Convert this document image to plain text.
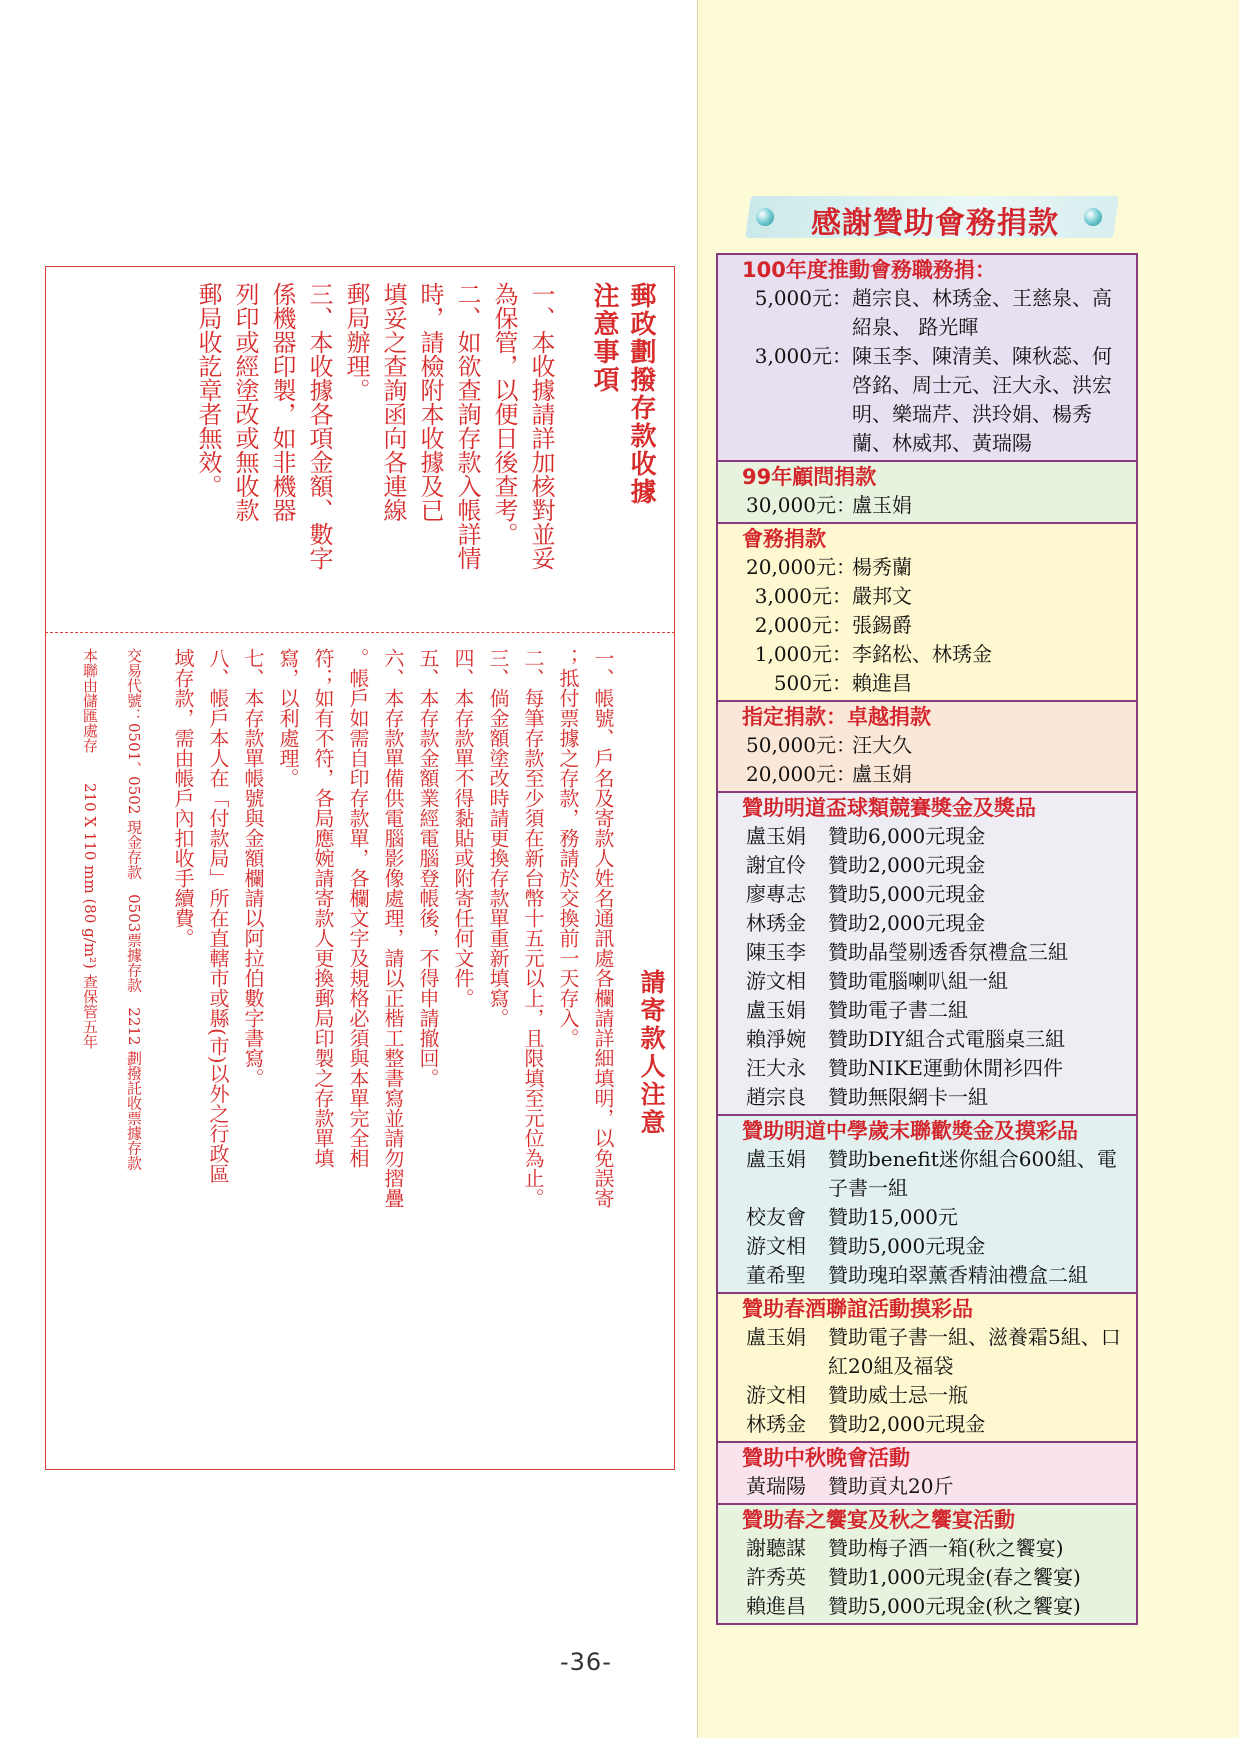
郵政劃撥存款收據
注意事項

一、本收據請詳加核對並妥

為保管，以便日後查考。

二、如欲查詢存款入帳詳情

時，請檢附本收據及已

填妥之查詢函向各連線

郵局辦理。

三、本收據各項金額、數字

係機器印製，如非機器

列印或經塗改或無收款

郵局收訖章者無效。

請寄款人注意

一、帳號、戶名及寄款人姓名通訊處各欄請詳細填明，以免誤寄

；抵付票據之存款，務請於交換前一天存入。

二、每筆存款至少須在新台幣十五元以上，且限填至元位為止。

三、倘金額塗改時請更換存款單重新填寫。

四、本存款單不得黏貼或附寄任何文件。

五、本存款金額業經電腦登帳後，不得申請撤回。

六、本存款單備供電腦影像處理，請以正楷工整書寫並請勿摺疊

。帳戶如需自印存款單，各欄文字及規格必須與本單完全相

符；如有不符，各局應婉請寄款人更換郵局印製之存款單填

寫，以利處理。

七、本存款單帳號與金額欄請以阿拉伯數字書寫。

八、帳戶本人在「付款局」所在直轄市或縣(市)以外之行政區

域存款，需由帳戶內扣收手續費。

交易代號：0501、0502 現金存款　0503票據存款　2212 劃撥託收票據存款

本聯由儲匯處存　　210 X 110 mm (80 g/m²) 查保管五年

-36-
感謝贊助會務捐款
100年度推動會務職務捐：
5,000元： 趙宗良、林琇金、王慈泉、高紹泉、 路光暉
3,000元： 陳玉李、陳清美、陳秋蕊、何啓銘、周士元、汪大永、洪宏明、樂瑞芹、洪玲娟、楊秀蘭、林威邦、黃瑞陽
99年顧問捐款
30,000元：
盧玉娟
會務捐款
20,000元：
楊秀蘭
3,000元： 嚴邦文
2,000元： 張錫爵
1,000元： 李銘松、林琇金
500元： 賴進昌
指定捐款：卓越捐款
50,000元：
汪大久
20,000元：
盧玉娟
贊助明道盃球類競賽獎金及獎品
盧玉娟	贊助6,000元現金
謝宜伶	贊助2,000元現金
廖專志	贊助5,000元現金
林琇金	贊助2,000元現金
陳玉李	贊助晶瑩剔透香氛禮盒三組
游文相	贊助電腦喇叭組一組
盧玉娟	贊助電子書二組
賴淨婉	贊助DIY組合式電腦桌三組
汪大永	贊助NIKE運動休閒衫四件
趙宗良	贊助無限網卡一組
贊助明道中學歲末聯歡獎金及摸彩品
盧玉娟	贊助benefit迷你組合600組、電子書一組
校友會	贊助15,000元
游文相	贊助5,000元現金
董希聖	贊助瑰珀翠薰香精油禮盒二組
贊助春酒聯誼活動摸彩品
盧玉娟	贊助電子書一組、滋養霜5組、口紅20組及福袋
游文相	贊助威士忌一瓶
林琇金	贊助2,000元現金
贊助中秋晚會活動
黃瑞陽	贊助貢丸20斤
贊助春之饗宴及秋之饗宴活動
謝聽謀	贊助梅子酒一箱(秋之饗宴)
許秀英	贊助1,000元現金(春之饗宴)
賴進昌	贊助5,000元現金(秋之饗宴)
